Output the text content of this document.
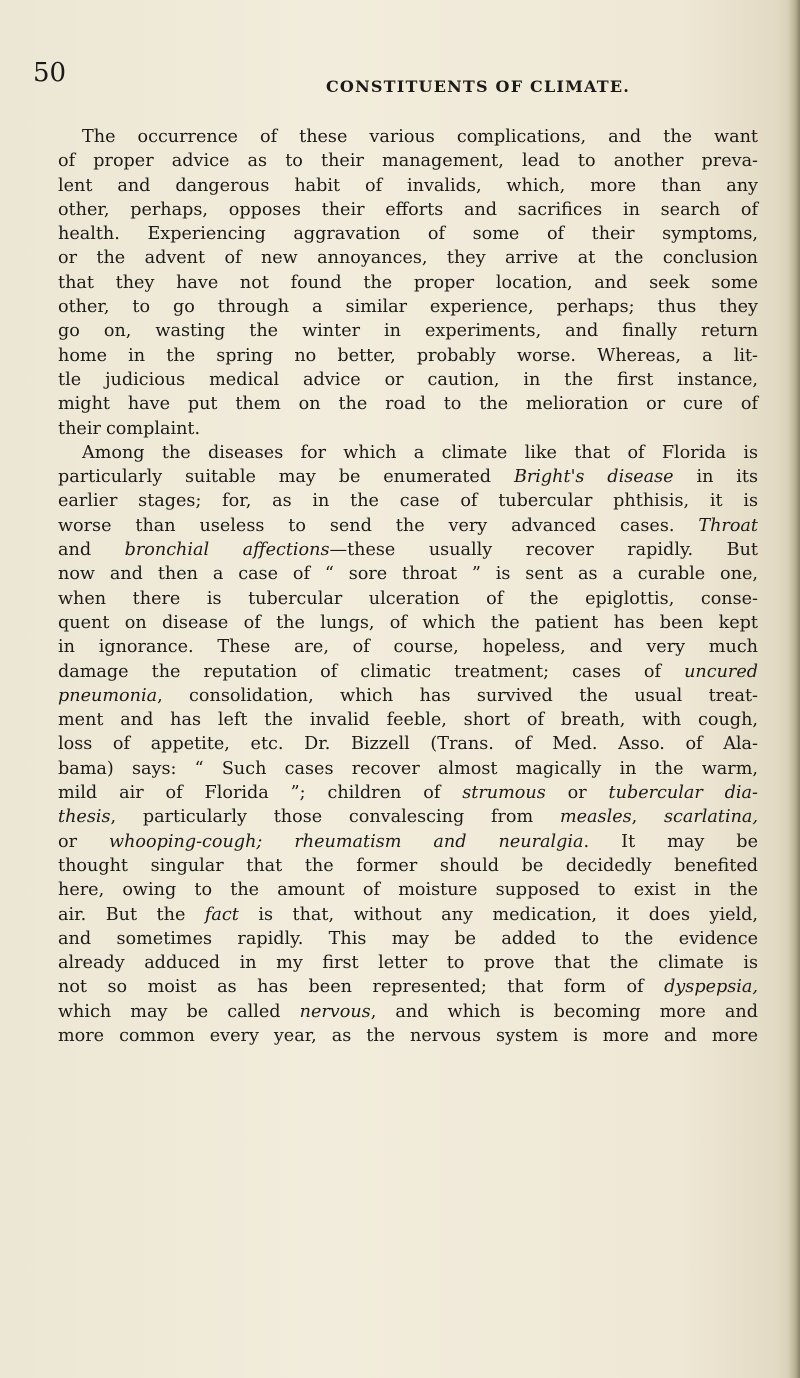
50	CONSTITUENTS OF CLIMATE.
The occurrence of these various complications, and the want
of proper advice as to their management, lead to another preva-
lent and dangerous habit of invalids, which, more than any
other, perhaps, opposes their efforts and sacrifices in search of
health. Experiencing aggravation of some of their symptoms,
or the advent of new annoyances, they arrive at the conclusion
that they have not found the proper location, and seek some
other, to go through a similar experience, perhaps; thus they
go on, wasting the winter in experiments, and finally return
home in the spring no better, probably worse. Whereas, a lit-
tle judicious medical advice or caution, in the first instance,
might have put them on the road to the melioration or cure of
their complaint.
Among the diseases for which a climate like that of Florida is
particularly suitable may be enumerated Bright's disease in its
earlier stages; for, as in the case of tubercular phthisis, it is
worse than useless to send the very advanced cases. Throat
and bronchial affections—these usually recover rapidly. But
now and then a case of “ sore throat ” is sent as a curable one,
when there is tubercular ulceration of the epiglottis, conse-
quent on disease of the lungs, of which the patient has been kept
in ignorance. These are, of course, hopeless, and very much
damage the reputation of climatic treatment; cases of uncured
pneumonia, consolidation, which has survived the usual treat-
ment and has left the invalid feeble, short of breath, with cough,
loss of appetite, etc. Dr. Bizzell (Trans. of Med. Asso. of Ala-
bama) says: “ Such cases recover almost magically in the warm,
mild air of Florida ”; children of strumous or tubercular dia-
thesis, particularly those convalescing from measles, scarlatina,
or whooping-cough; rheumatism and neuralgia. It may be
thought singular that the former should be decidedly benefited
here, owing to the amount of moisture supposed to exist in the
air. But the fact is that, without any medication, it does yield,
and sometimes rapidly. This may be added to the evidence
already adduced in my first letter to prove that the climate is
not so moist as has been represented; that form of dyspepsia,
which may be called nervous, and which is becoming more and
more common every year, as the nervous system is more and more
